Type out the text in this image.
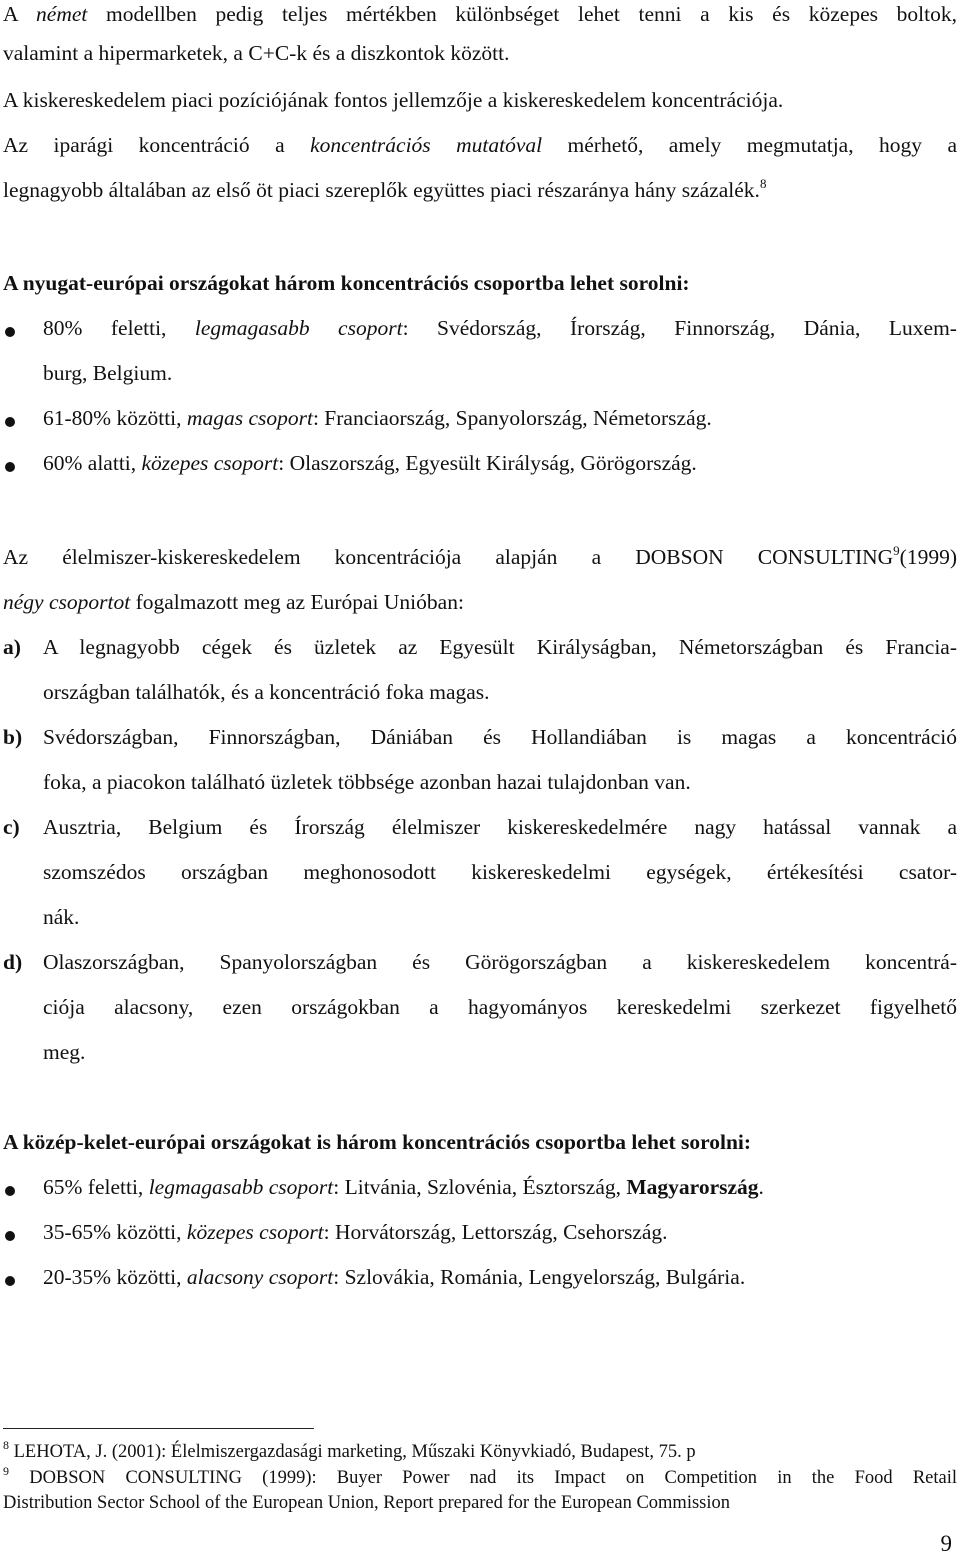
A német modellben pedig teljes mértékben különbséget lehet tenni a kis és közepes boltok,
valamint a hipermarketek, a C+C-k és a diszkontok között.
A kiskereskedelem piaci pozíciójának fontos jellemzője a kiskereskedelem koncentrációja.
Az iparági koncentráció a koncentrációs mutatóval mérhető, amely megmutatja, hogy a
legnagyobb általában az első öt piaci szereplők együttes piaci részaránya hány százalék.$^8$
A nyugat-európai országokat három koncentrációs csoportba lehet sorolni:
80% feletti, legmagasabb csoport: Svédország, Írország, Finnország, Dánia, Luxem-
burg, Belgium.
61-80% közötti, magas csoport: Franciaország, Spanyolország, Németország.
60% alatti, közepes csoport: Olaszország, Egyesült Királyság, Görögország.
Az élelmiszer-kiskereskedelem koncentrációja alapján a DOBSON CONSULTING$^9$(1999)
négy csoportot fogalmazott meg az Európai Unióban:
a) A legnagyobb cégek és üzletek az Egyesült Királyságban, Németországban és Francia-
országban találhatók, és a koncentráció foka magas.
b) Svédországban, Finnországban, Dániában és Hollandiában is magas a koncentráció
foka, a piacokon található üzletek többsége azonban hazai tulajdonban van.
c) Ausztria, Belgium és Írország élelmiszer kiskereskedelmére nagy hatással vannak a
szomszédos országban meghonosodott kiskereskedelmi egységek, értékesítési csator-
nák.
d) Olaszországban, Spanyolországban és Görögországban a kiskereskedelem koncentrá-
ciója alacsony, ezen országokban a hagyományos kereskedelmi szerkezet figyelhető
meg.
A közép-kelet-európai országokat is három koncentrációs csoportba lehet sorolni:
65% feletti, legmagasabb csoport: Litvánia, Szlovénia, Észtország, Magyarország.
35-65% közötti, közepes csoport: Horvátország, Lettország, Csehország.
20-35% közötti, alacsony csoport: Szlovákia, Románia, Lengyelország, Bulgária.
$^8$ LEHOTA, J. (2001): Élelmiszergazdasági marketing, Műszaki Könyvkiadó, Budapest, 75. p
$^9$ DOBSON CONSULTING (1999): Buyer Power nad its Impact on Competition in the Food Retail
Distribution Sector School of the European Union, Report prepared for the European Commission
9
